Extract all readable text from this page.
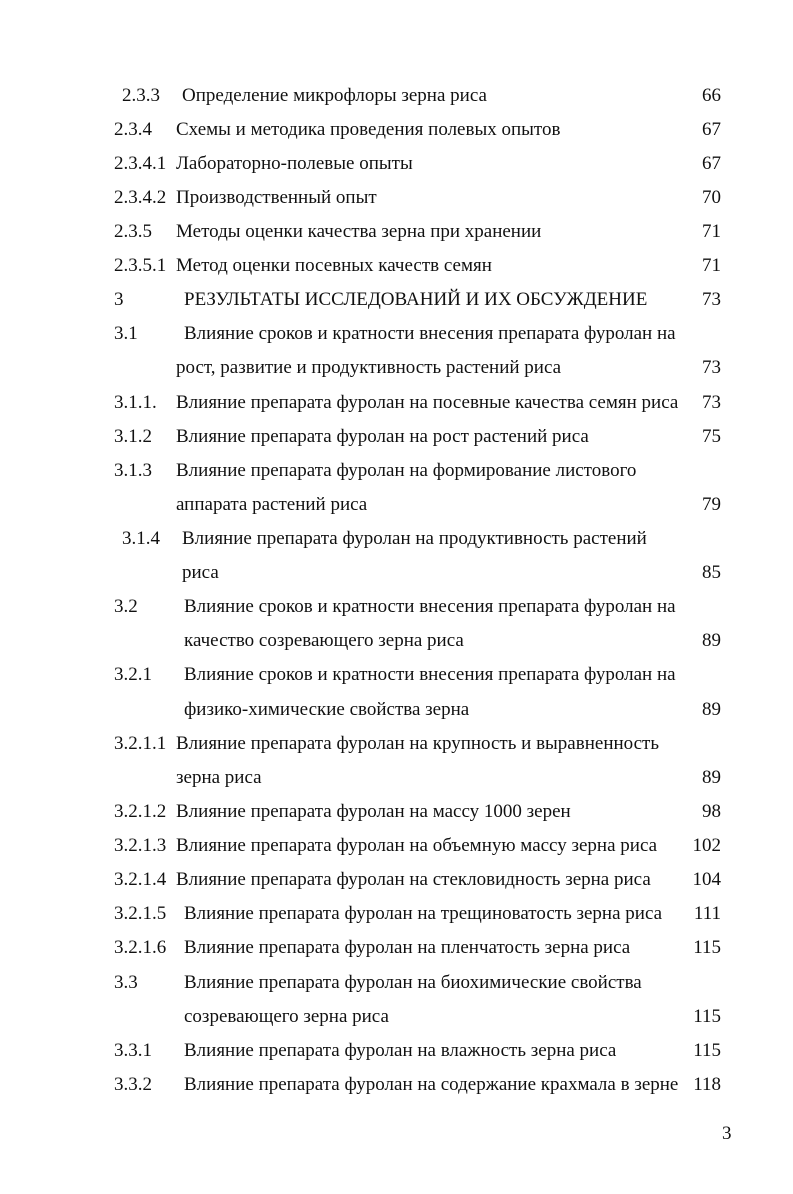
2.3.3 Определение микрофлоры зерна риса	66
2.3.4 Схемы и методика проведения полевых опытов	67
2.3.4.1 Лабораторно-полевые опыты	67
2.3.4.2 Производственный опыт	70
2.3.5 Методы оценки качества зерна при хранении	71
2.3.5.1 Метод оценки посевных качеств семян	71
3	РЕЗУЛЬТАТЫ ИССЛЕДОВАНИЙ И ИХ ОБСУЖДЕНИЕ	73
3.1 Влияние сроков и кратности внесения препарата фуролан на
рост, развитие и продуктивность растений риса	73
3.1.1. Влияние препарата фуролан на посевные качества семян риса 73
3.1.2 Влияние препарата фуролан на рост растений риса	75
3.1.3 Влияние препарата фуролан на формирование листового
аппарата растений риса	79
3.1.4 Влияние препарата фуролан на продуктивность растений
риса	85
3.2 Влияние сроков и кратности внесения препарата фуролан на
качество созревающего зерна риса	89
3.2.1 Влияние сроков и кратности внесения препарата фуролан на
физико-химические свойства зерна	89
3.2.1.1 Влияние препарата фуролан на крупность и выравненность
зерна риса	89
3.2.1.2 Влияние препарата фуролан на массу 1000 зерен	98
3.2.1.3 Влияние препарата фуролан на объемную массу зерна риса 102
3.2.1.4 Влияние препарата фуролан на стекловидность зерна риса 104
3.2.1.5 Влияние препарата фуролан на трещиноватость зерна риса 111
3.2.1.6 Влияние препарата фуролан на пленчатость зерна риса	115
3.3 Влияние препарата фуролан на биохимические свойства
созревающего зерна риса	115
3.3.1 Влияние препарата фуролан на влажность зерна риса	115
3.3.2 Влияние препарата фуролан на содержание крахмала в зерне 118
3
